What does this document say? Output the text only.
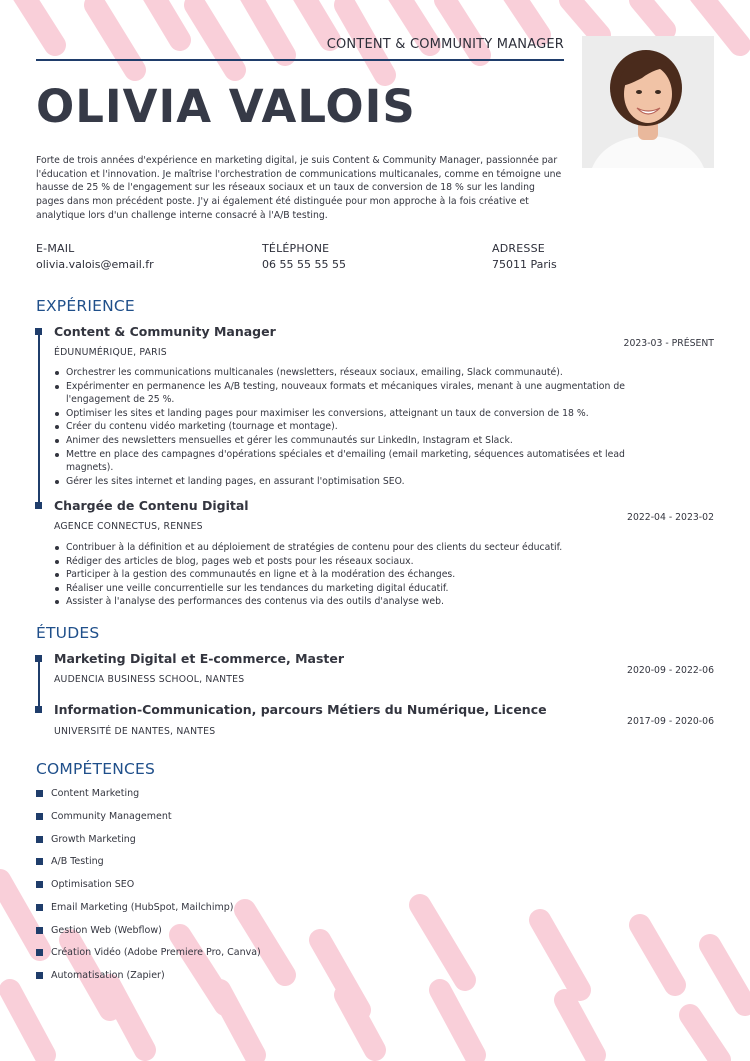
CONTENT & COMMUNITY MANAGER
OLIVIA VALOIS
Forte de trois années d'expérience en marketing digital, je suis Content & Community Manager, passionnée par l'éducation et l'innovation. Je maîtrise l'orchestration de communications multicanales, comme en témoigne une hausse de 25 % de l'engagement sur les réseaux sociaux et un taux de conversion de 18 % sur les landing pages dans mon précédent poste. J'y ai également été distinguée pour mon approche à la fois créative et analytique lors d'un challenge interne consacré à l'A/B testing.
E-MAIL
olivia.valois@email.fr
TÉLÉPHONE
06 55 55 55 55
ADRESSE
75011 Paris
EXPÉRIENCE
Content & Community Manager
2023-03 - PRÉSENT
ÉDUNUMÉRIQUE, PARIS
Orchestrer les communications multicanales (newsletters, réseaux sociaux, emailing, Slack communauté).
Expérimenter en permanence les A/B testing, nouveaux formats et mécaniques virales, menant à une augmentation de l'engagement de 25 %.
Optimiser les sites et landing pages pour maximiser les conversions, atteignant un taux de conversion de 18 %.
Créer du contenu vidéo marketing (tournage et montage).
Animer des newsletters mensuelles et gérer les communautés sur LinkedIn, Instagram et Slack.
Mettre en place des campagnes d'opérations spéciales et d'emailing (email marketing, séquences automatisées et lead magnets).
Gérer les sites internet et landing pages, en assurant l'optimisation SEO.
Chargée de Contenu Digital
2022-04 - 2023-02
AGENCE CONNECTUS, RENNES
Contribuer à la définition et au déploiement de stratégies de contenu pour des clients du secteur éducatif.
Rédiger des articles de blog, pages web et posts pour les réseaux sociaux.
Participer à la gestion des communautés en ligne et à la modération des échanges.
Réaliser une veille concurrentielle sur les tendances du marketing digital éducatif.
Assister à l'analyse des performances des contenus via des outils d'analyse web.
ÉTUDES
Marketing Digital et E-commerce, Master
2020-09 - 2022-06
AUDENCIA BUSINESS SCHOOL, NANTES
Information-Communication, parcours Métiers du Numérique, Licence
2017-09 - 2020-06
UNIVERSITÉ DE NANTES, NANTES
COMPÉTENCES
Content Marketing
Community Management
Growth Marketing
A/B Testing
Optimisation SEO
Email Marketing (HubSpot, Mailchimp)
Gestion Web (Webflow)
Création Vidéo (Adobe Premiere Pro, Canva)
Automatisation (Zapier)
